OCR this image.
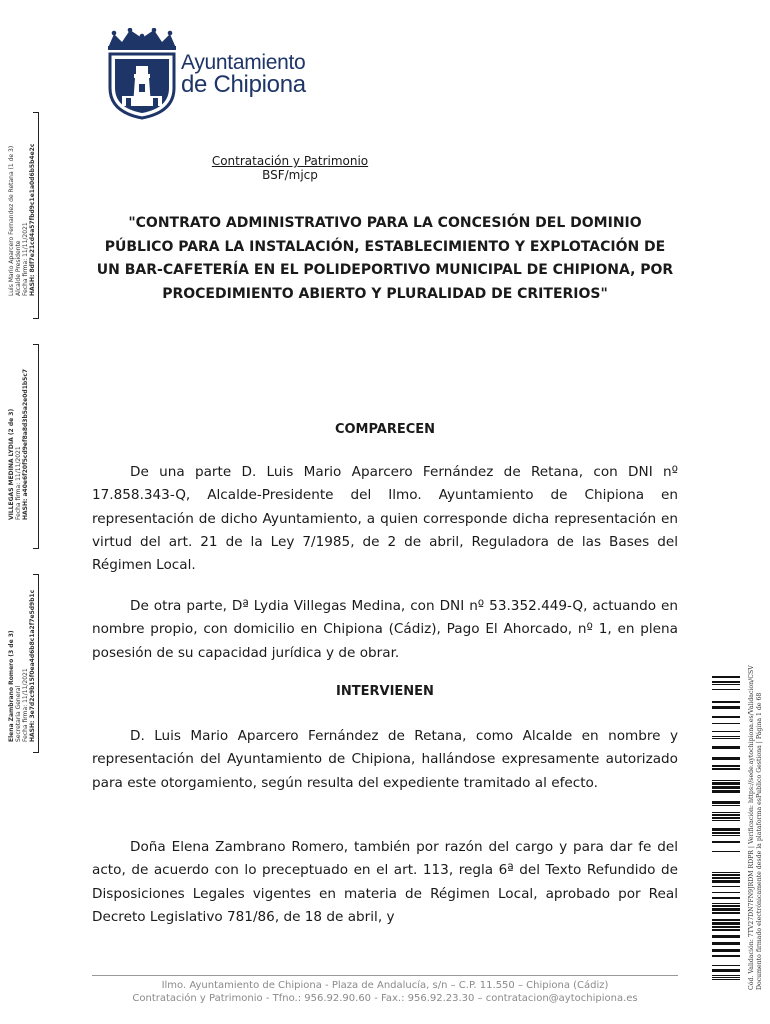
Ayuntamiento
de Chipiona
Contratación y Patrimonio
BSF/mjcp
"CONTRATO ADMINISTRATIVO PARA LA CONCESIÓN DEL DOMINIO PÚBLICO PARA LA INSTALACIÓN, ESTABLECIMIENTO Y EXPLOTACIÓN DE UN BAR-CAFETERÍA EN EL POLIDEPORTIVO MUNICIPAL DE CHIPIONA, POR PROCEDIMIENTO ABIERTO Y PLURALIDAD DE CRITERIOS"
COMPARECEN

De una parte D. Luis Mario Aparcero Fernández de Retana, con DNI nº 17.858.343-Q, Alcalde-Presidente del Ilmo. Ayuntamiento de Chipiona en representación de dicho Ayuntamiento, a quien corresponde dicha representación en virtud del art. 21 de la Ley 7/1985, de 2 de abril, Reguladora de las Bases del Régimen Local.

De otra parte, Dª Lydia Villegas Medina, con DNI nº 53.352.449-Q, actuando en nombre propio, con domicilio en Chipiona (Cádiz), Pago El Ahorcado, nº 1, en plena posesión de su capacidad jurídica y de obrar.

INTERVIENEN

D. Luis Mario Aparcero Fernández de Retana, como Alcalde en nombre y representación del Ayuntamiento de Chipiona, hallándose expresamente autorizado para este otorgamiento, según resulta del expediente tramitado al efecto.

Doña Elena Zambrano Romero, también por razón del cargo y para dar fe del acto, de acuerdo con lo preceptuado en el art. 113, regla 6ª del Texto Refundido de Disposiciones Legales vigentes en materia de Régimen Local, aprobado por Real Decreto Legislativo 781/86, de 18 de abril, y

Ilmo. Ayuntamiento de Chipiona - Plaza de Andalucía, s/n – C.P. 11.550 – Chipiona (Cádiz)
Contratación y Patrimonio - Tfno.: 956.92.90.60 - Fax.: 956.92.23.30 – contratacion@aytochipiona.es
Luis Mario Aparcero Fernandez de Retana (1 de 3) Alcalde Presidente Fecha firma: 11/11/2021 HASH: 8df7e21cd4a57fbd9c1e1a0d6b5b4e2c
VILLEGAS MEDINA LYDIA (2 de 3) Fecha firma: 11/11/2021 HASH: a40e6f20f5cd9ef8a8d3b5a2e0d1b5c7
Elena Zambrano Romero (3 de 3) Secretaria General Fecha firma: 11/11/2021 HASH: 3e7d2c9b15f0ea4d6b8c1a2f7e5d9b1c	Cód. Validación: 7TV27DN7FN9JRDM RDPR | Verificación: https://sede.aytochipiona.es/Validacion/CSV Documento firmado electrónicamente desde la plataforma esPublico Gestiona | Página 1 de 68
